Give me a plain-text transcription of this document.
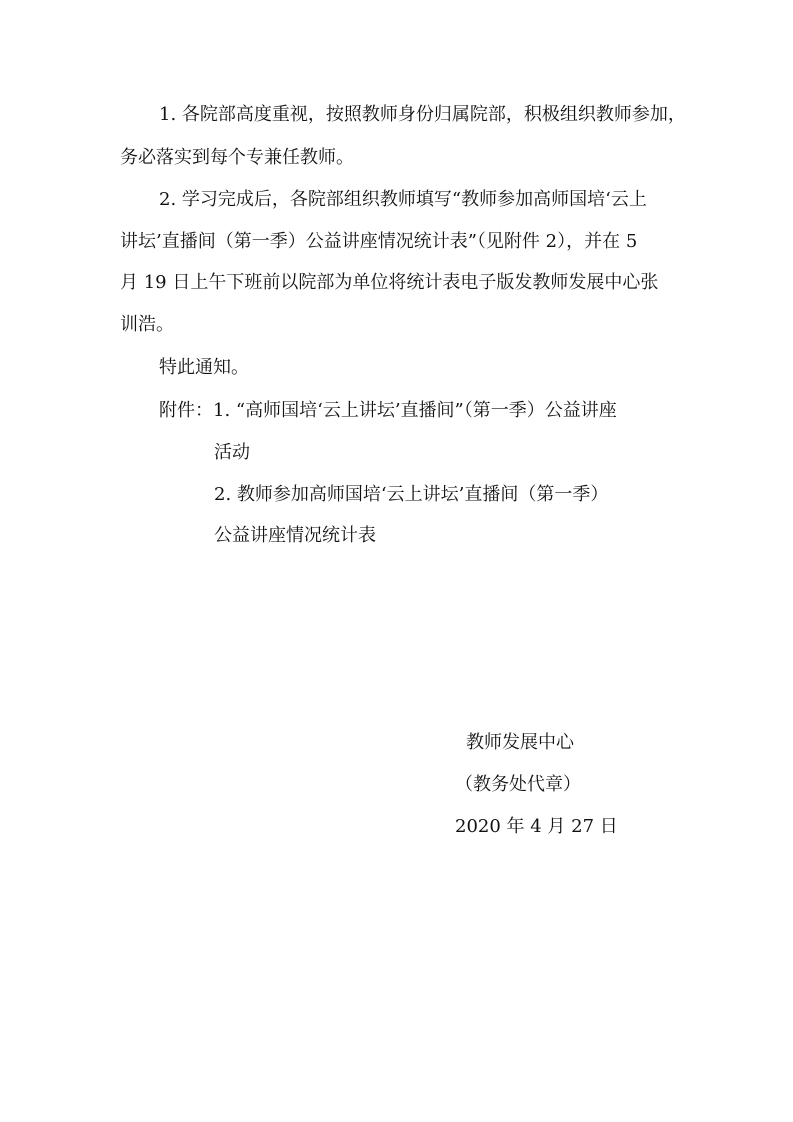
1. 各院部高度重视，按照教师身份归属院部，积极组织教师参加，
务必落实到每个专兼任教师。
2. 学习完成后，各院部组织教师填写“教师参加高师国培‘云上
讲坛’直播间（第一季）公益讲座情况统计表”（见附件 2），并在 5
月 19 日上午下班前以院部为单位将统计表电子版发教师发展中心张
训浩。
特此通知。
附件：1. “高师国培‘云上讲坛’直播间”（第一季）公益讲座
活动
2. 教师参加高师国培‘云上讲坛’直播间（第一季）
公益讲座情况统计表
教师发展中心
（教务处代章）
2020 年 4 月 27 日
